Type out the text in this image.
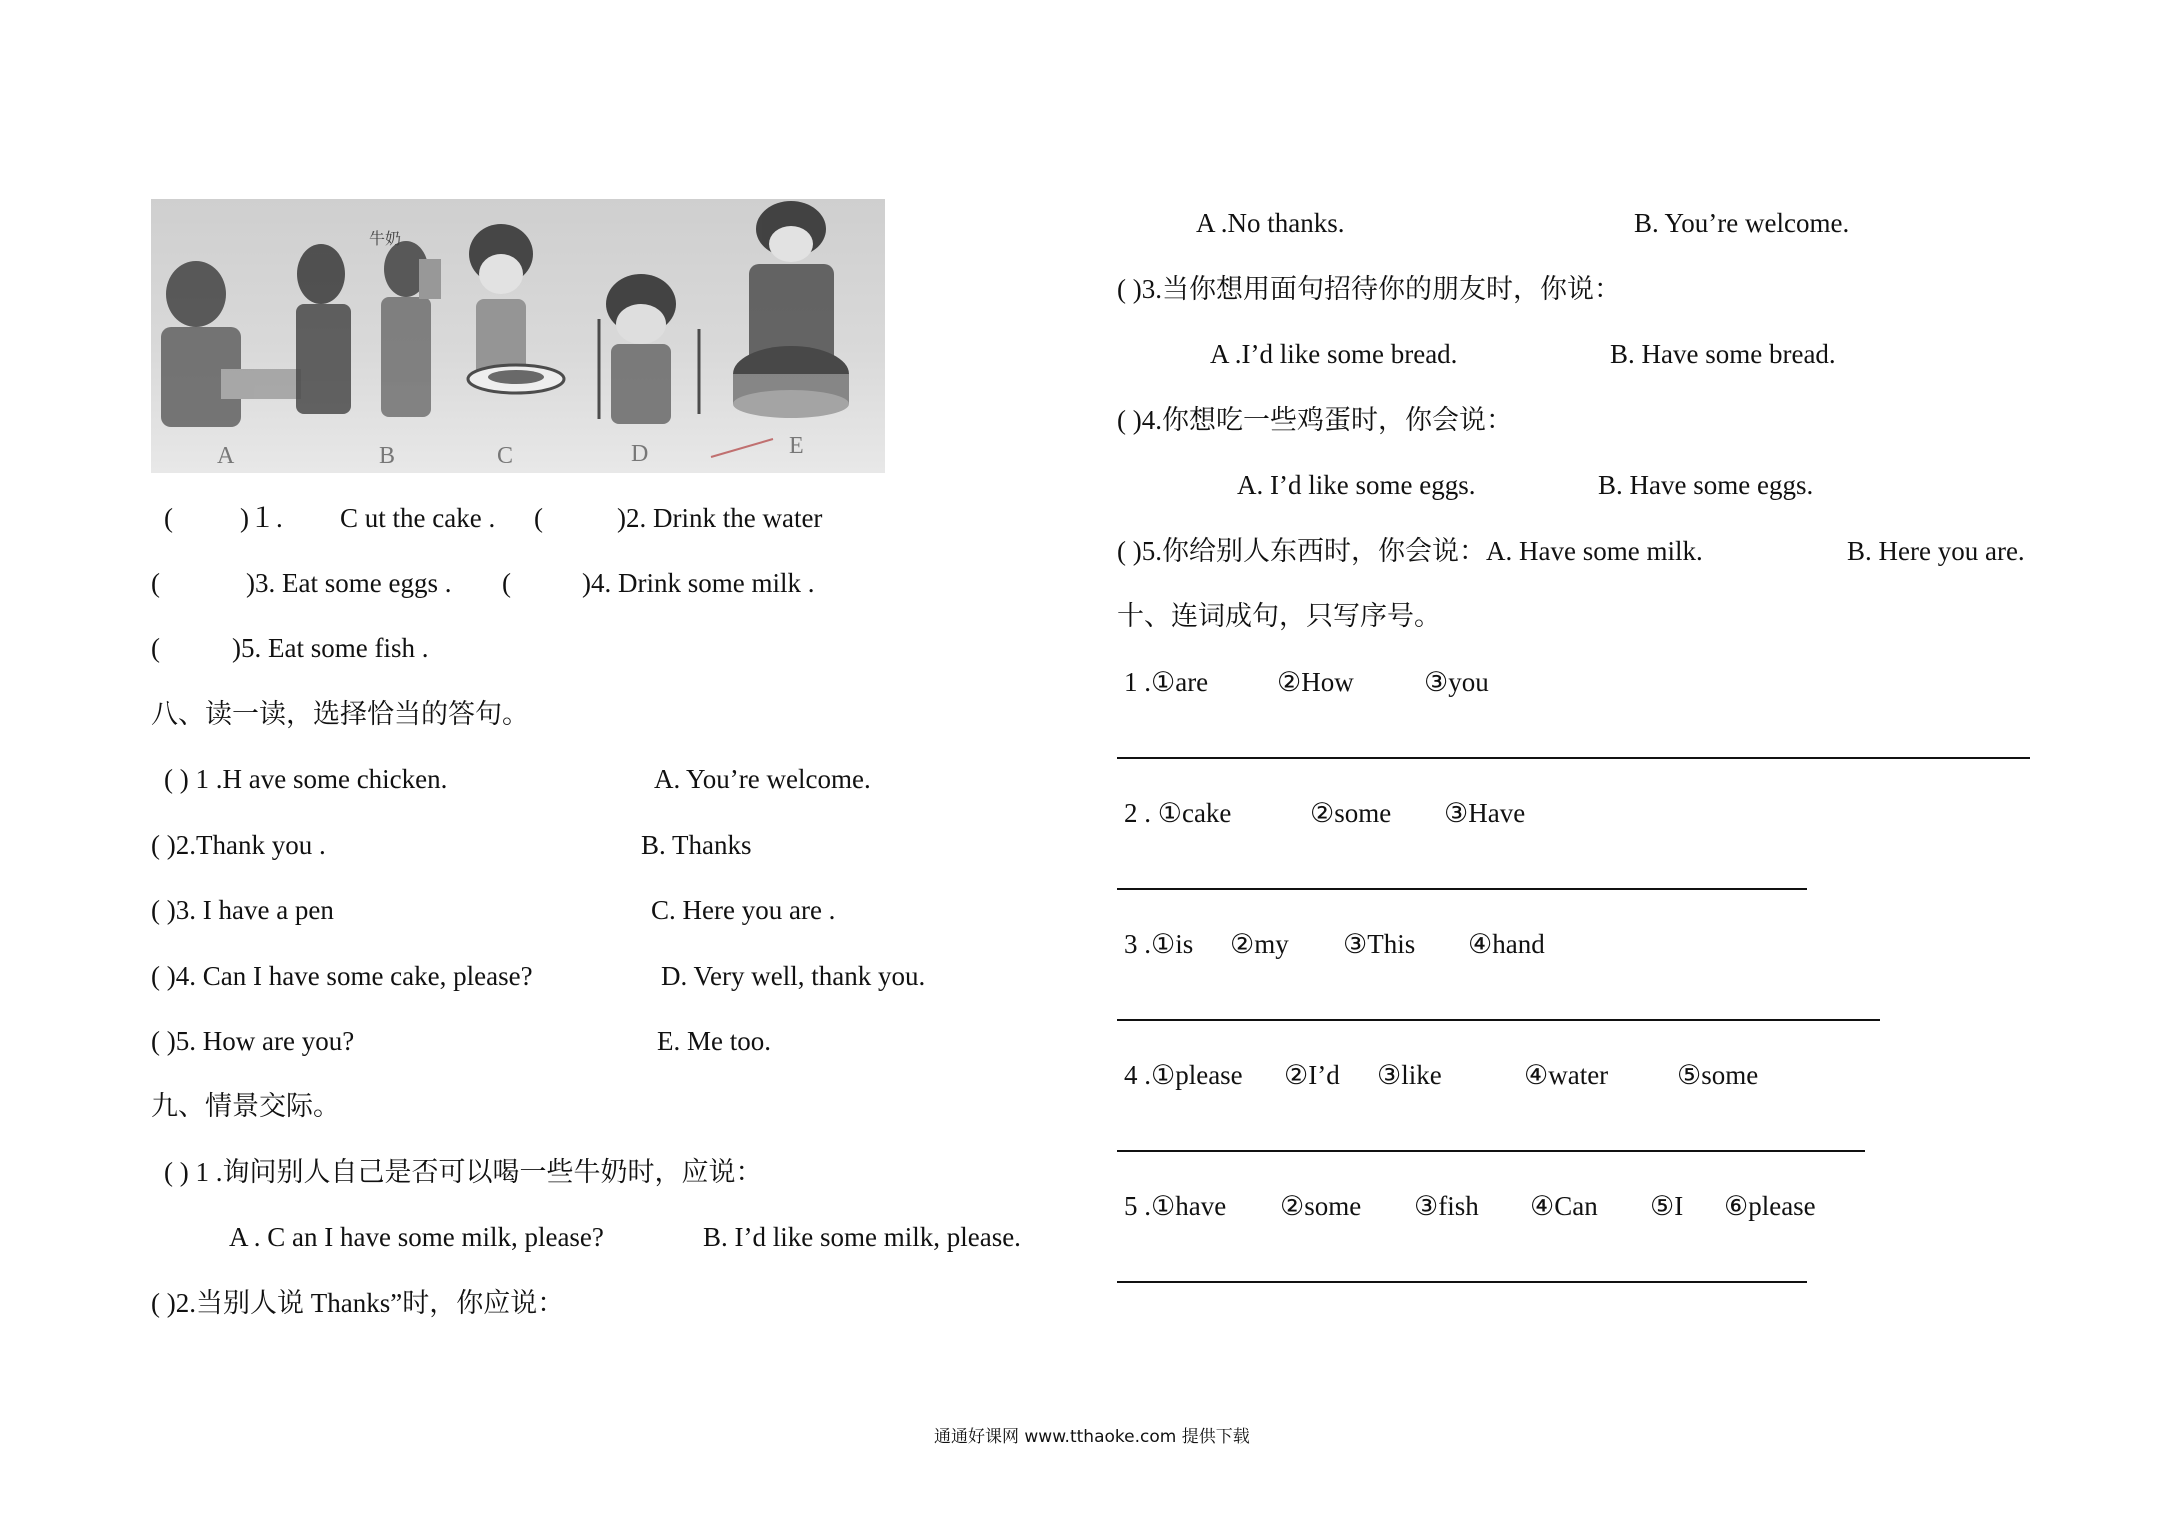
牛奶
A	B	C	D	E
( )１. C ut the cake . (	)2. Drink the water
(	)3. Eat some eggs . (	)4. Drink some milk .
(	)5. Eat some fish .
八、读一读，选择恰当的答句。
( ) 1 .H ave some chicken.	A. You’re welcome.
( )2.Thank you .	B. Thanks
( )3. I have a pen	C. Here you are .
( )4. Can I have some cake, please?	D. Very well, thank you.
( )5. How are you?	E. Me too.
九、情景交际。
( ) 1 .询问别人自己是否可以喝一些牛奶时，应说：
A . C an I have some milk, please?	B. I’d like some milk, please.
( )2.当别人说 Thanks”时，你应说：
A .No thanks.	B. You’re welcome.
( )3.当你想用面句招待你的朋友时，你说：
A .I’d like some bread.	B. Have some bread.
( )4.你想吃一些鸡蛋时，你会说：
A. I’d like some eggs.	B. Have some eggs.
( )5.你给别人东西时，你会说：A. Have some milk.	B. Here you are.
十、连词成句，只写序号。
1 .①are	②How	③you
2 . ①cake	②some ③Have
3 .①is ②my ③This ④hand
4 .①please ②I’d ③like	④water	⑤some
5 .①have ②some ③fish ④Can ⑤I ⑥please
通通好课网 www.tthaoke.com 提供下载
